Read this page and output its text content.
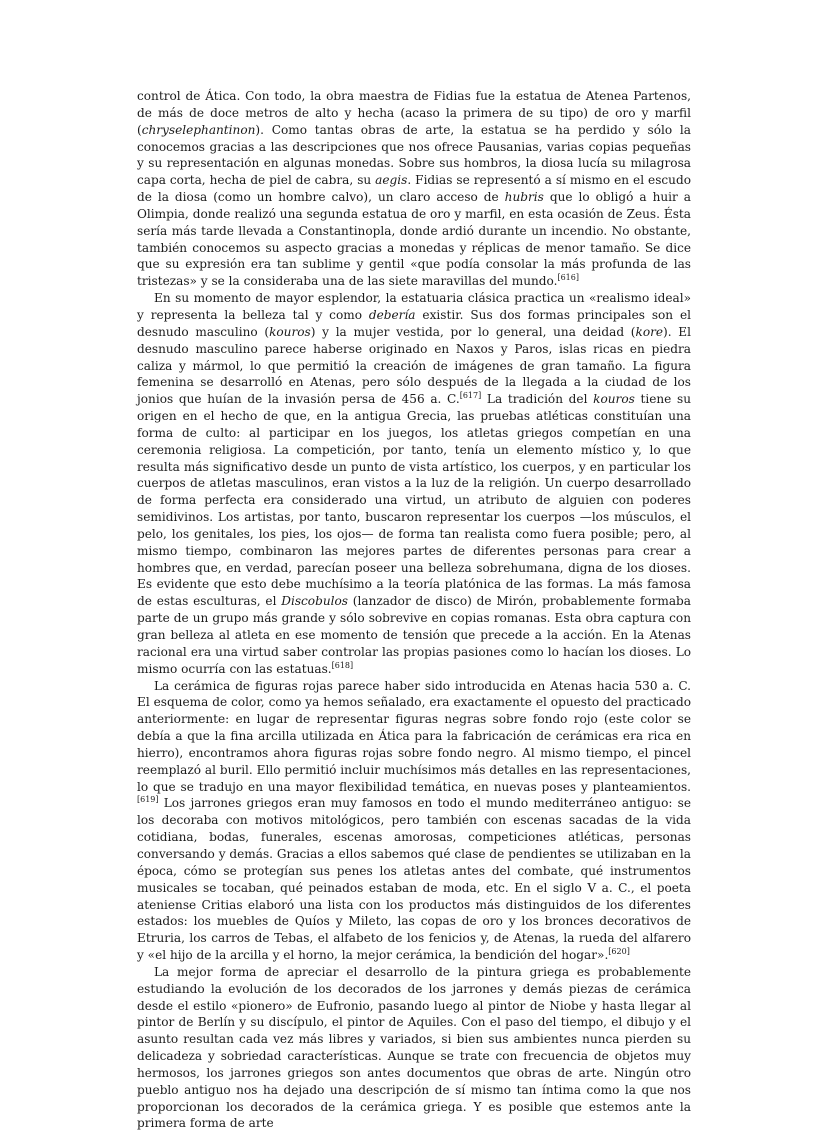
control de Ática. Con todo, la obra maestra de Fidias fue la estatua de Atenea Partenos, de más de doce metros de alto y hecha (acaso la primera de su tipo) de oro y marfil (chryselephantinon). Como tantas obras de arte, la estatua se ha perdido y sólo la conocemos gracias a las descripciones que nos ofrece Pausanias, varias copias pequeñas y su representación en algunas monedas. Sobre sus hombros, la diosa lucía su milagrosa capa corta, hecha de piel de cabra, su aegis. Fidias se representó a sí mismo en el escudo de la diosa (como un hombre calvo), un claro acceso de hubris que lo obligó a huir a Olimpia, donde realizó una segunda estatua de oro y marfil, en esta ocasión de Zeus. Ésta sería más tarde llevada a Constantinopla, donde ardió durante un incendio. No obstante, también conocemos su aspecto gracias a monedas y réplicas de menor tamaño. Se dice que su expresión era tan sublime y gentil «que podía consolar la más profunda de las tristezas» y se la consideraba una de las siete maravillas del mundo.[616]

En su momento de mayor esplendor, la estatuaria clásica practica un «realismo ideal» y representa la belleza tal y como debería existir. Sus dos formas principales son el desnudo masculino (kouros) y la mujer vestida, por lo general, una deidad (kore). El desnudo masculino parece haberse originado en Naxos y Paros, islas ricas en piedra caliza y mármol, lo que permitió la creación de imágenes de gran tamaño. La figura femenina se desarrolló en Atenas, pero sólo después de la llegada a la ciudad de los jonios que huían de la invasión persa de 456 a. C.[617] La tradición del kouros tiene su origen en el hecho de que, en la antigua Grecia, las pruebas atléticas constituían una forma de culto: al participar en los juegos, los atletas griegos competían en una ceremonia religiosa. La competición, por tanto, tenía un elemento místico y, lo que resulta más significativo desde un punto de vista artístico, los cuerpos, y en particular los cuerpos de atletas masculinos, eran vistos a la luz de la religión. Un cuerpo desarrollado de forma perfecta era considerado una virtud, un atributo de alguien con poderes semidivinos. Los artistas, por tanto, buscaron representar los cuerpos —los músculos, el pelo, los genitales, los pies, los ojos— de forma tan realista como fuera posible; pero, al mismo tiempo, combinaron las mejores partes de diferentes personas para crear a hombres que, en verdad, parecían poseer una belleza sobrehumana, digna de los dioses. Es evidente que esto debe muchísimo a la teoría platónica de las formas. La más famosa de estas esculturas, el Discobulos (lanzador de disco) de Mirón, probablemente formaba parte de un grupo más grande y sólo sobrevive en copias romanas. Esta obra captura con gran belleza al atleta en ese momento de tensión que precede a la acción. En la Atenas racional era una virtud saber controlar las propias pasiones como lo hacían los dioses. Lo mismo ocurría con las estatuas.[618]

La cerámica de figuras rojas parece haber sido introducida en Atenas hacia 530 a. C. El esquema de color, como ya hemos señalado, era exactamente el opuesto del practicado anteriormente: en lugar de representar figuras negras sobre fondo rojo (este color se debía a que la fina arcilla utilizada en Ática para la fabricación de cerámicas era rica en hierro), encontramos ahora figuras rojas sobre fondo negro. Al mismo tiempo, el pincel reemplazó al buril. Ello permitió incluir muchísimos más detalles en las representaciones, lo que se tradujo en una mayor flexibilidad temática, en nuevas poses y planteamientos.[619] Los jarrones griegos eran muy famosos en todo el mundo mediterráneo antiguo: se los decoraba con motivos mitológicos, pero también con escenas sacadas de la vida cotidiana, bodas, funerales, escenas amorosas, competiciones atléticas, personas conversando y demás. Gracias a ellos sabemos qué clase de pendientes se utilizaban en la época, cómo se protegían sus penes los atletas antes del combate, qué instrumentos musicales se tocaban, qué peinados estaban de moda, etc. En el siglo V a. C., el poeta ateniense Critias elaboró una lista con los productos más distinguidos de los diferentes estados: los muebles de Quíos y Mileto, las copas de oro y los bronces decorativos de Etruria, los carros de Tebas, el alfabeto de los fenicios y, de Atenas, la rueda del alfarero y «el hijo de la arcilla y el horno, la mejor cerámica, la bendición del hogar».[620]

La mejor forma de apreciar el desarrollo de la pintura griega es probablemente estudiando la evolución de los decorados de los jarrones y demás piezas de cerámica desde el estilo «pionero» de Eufronio, pasando luego al pintor de Niobe y hasta llegar al pintor de Berlín y su discípulo, el pintor de Aquiles. Con el paso del tiempo, el dibujo y el asunto resultan cada vez más libres y variados, si bien sus ambientes nunca pierden su delicadeza y sobriedad características. Aunque se trate con frecuencia de objetos muy hermosos, los jarrones griegos son antes documentos que obras de arte. Ningún otro pueblo antiguo nos ha dejado una descripción de sí mismo tan íntima como la que nos proporcionan los decorados de la cerámica griega. Y es posible que estemos ante la primera forma de arte
